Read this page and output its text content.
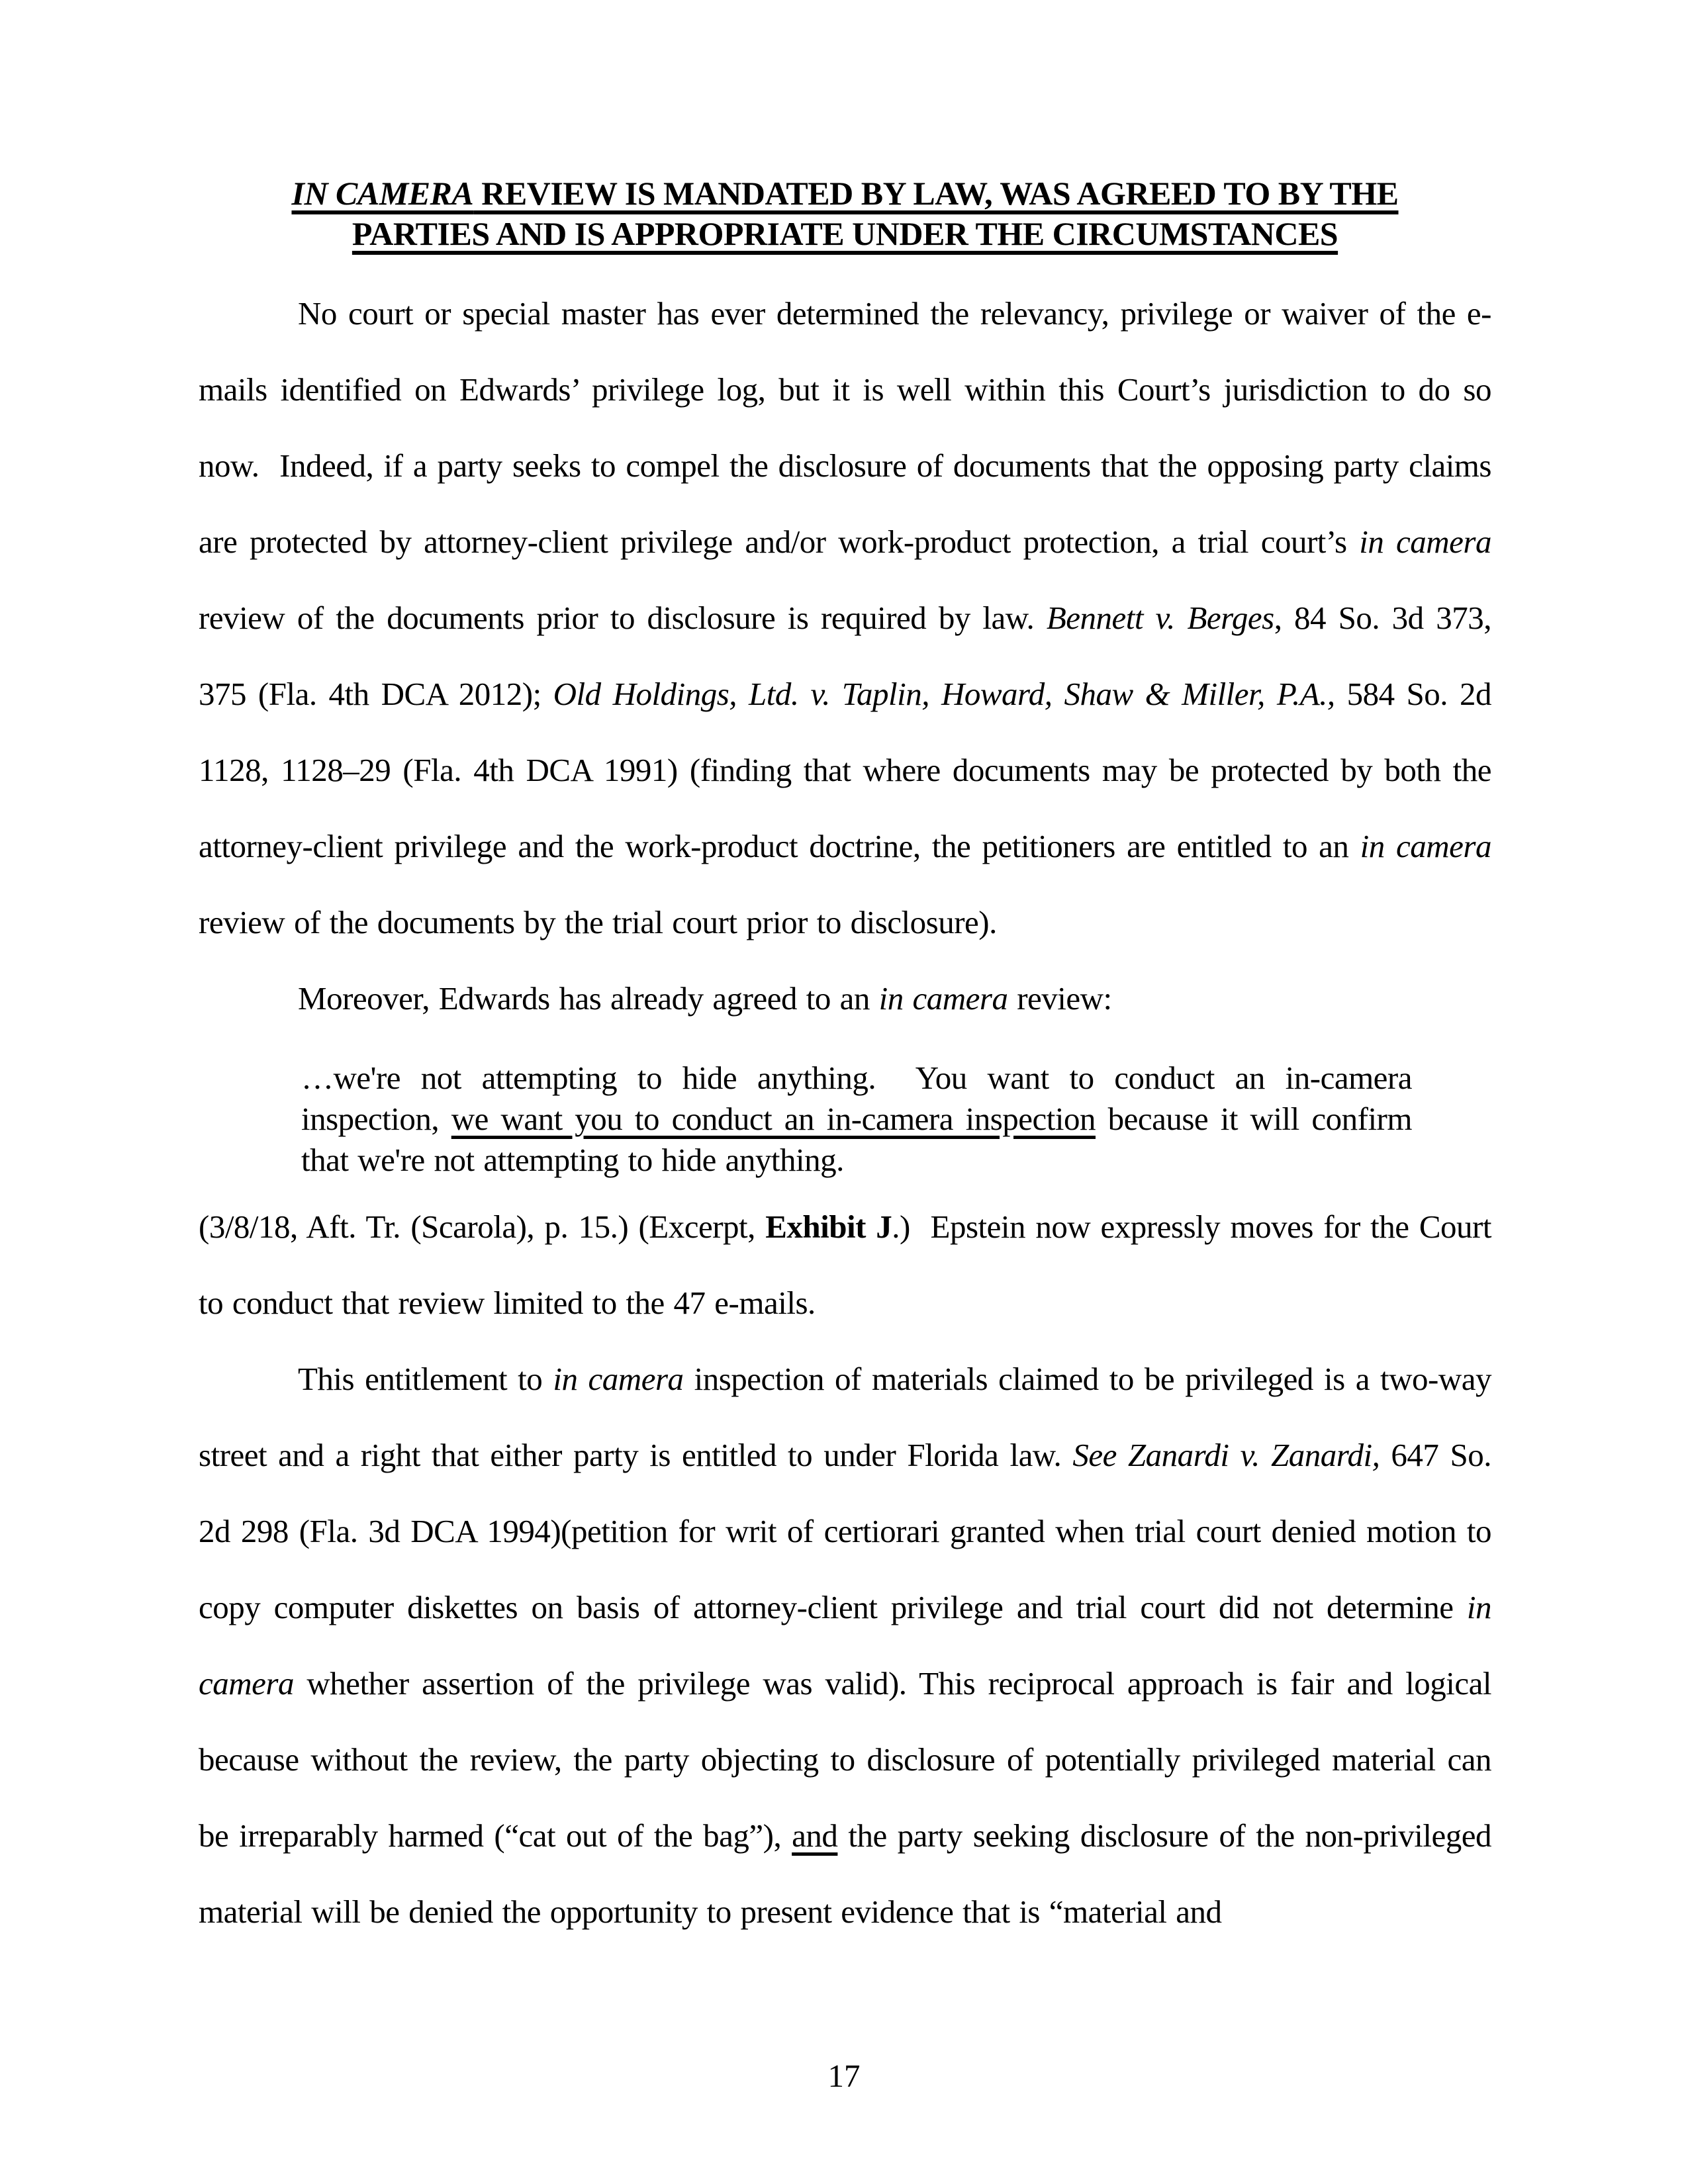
IN CAMERA REVIEW IS MANDATED BY LAW, WAS AGREED TO BY THE
PARTIES AND IS APPROPRIATE UNDER THE CIRCUMSTANCES
No court or special master has ever determined the relevancy, privilege or waiver of the e-mails identified on Edwards’ privilege log, but it is well within this Court’s jurisdiction to do so now.  Indeed, if a party seeks to compel the disclosure of documents that the opposing party claims are protected by attorney-client privilege and/or work-product protection, a trial court’s in camera review of the documents prior to disclosure is required by law. Bennett v. Berges, 84 So. 3d 373, 375 (Fla. 4th DCA 2012); Old Holdings, Ltd. v. Taplin, Howard, Shaw & Miller, P.A., 584 So. 2d 1128, 1128–29 (Fla. 4th DCA 1991) (finding that where documents may be protected by both the attorney-client privilege and the work-product doctrine, the petitioners are entitled to an in camera review of the documents by the trial court prior to disclosure).
Moreover, Edwards has already agreed to an in camera review:
…we're not attempting to hide anything.  You want to conduct an in-camera inspection, we want you to conduct an in-camera inspection because it will confirm that we're not attempting to hide anything.
(3/8/18, Aft. Tr. (Scarola), p. 15.) (Excerpt, Exhibit J.)  Epstein now expressly moves for the Court to conduct that review limited to the 47 e-mails.
This entitlement to in camera inspection of materials claimed to be privileged is a two-way street and a right that either party is entitled to under Florida law. See Zanardi v. Zanardi, 647 So. 2d 298 (Fla. 3d DCA 1994)(petition for writ of certiorari granted when trial court denied motion to copy computer diskettes on basis of attorney-client privilege and trial court did not determine in camera whether assertion of the privilege was valid). This reciprocal approach is fair and logical because without the review, the party objecting to disclosure of potentially privileged material can be irreparably harmed (“cat out of the bag”), and the party seeking disclosure of the non-privileged material will be denied the opportunity to present evidence that is “material and
17
